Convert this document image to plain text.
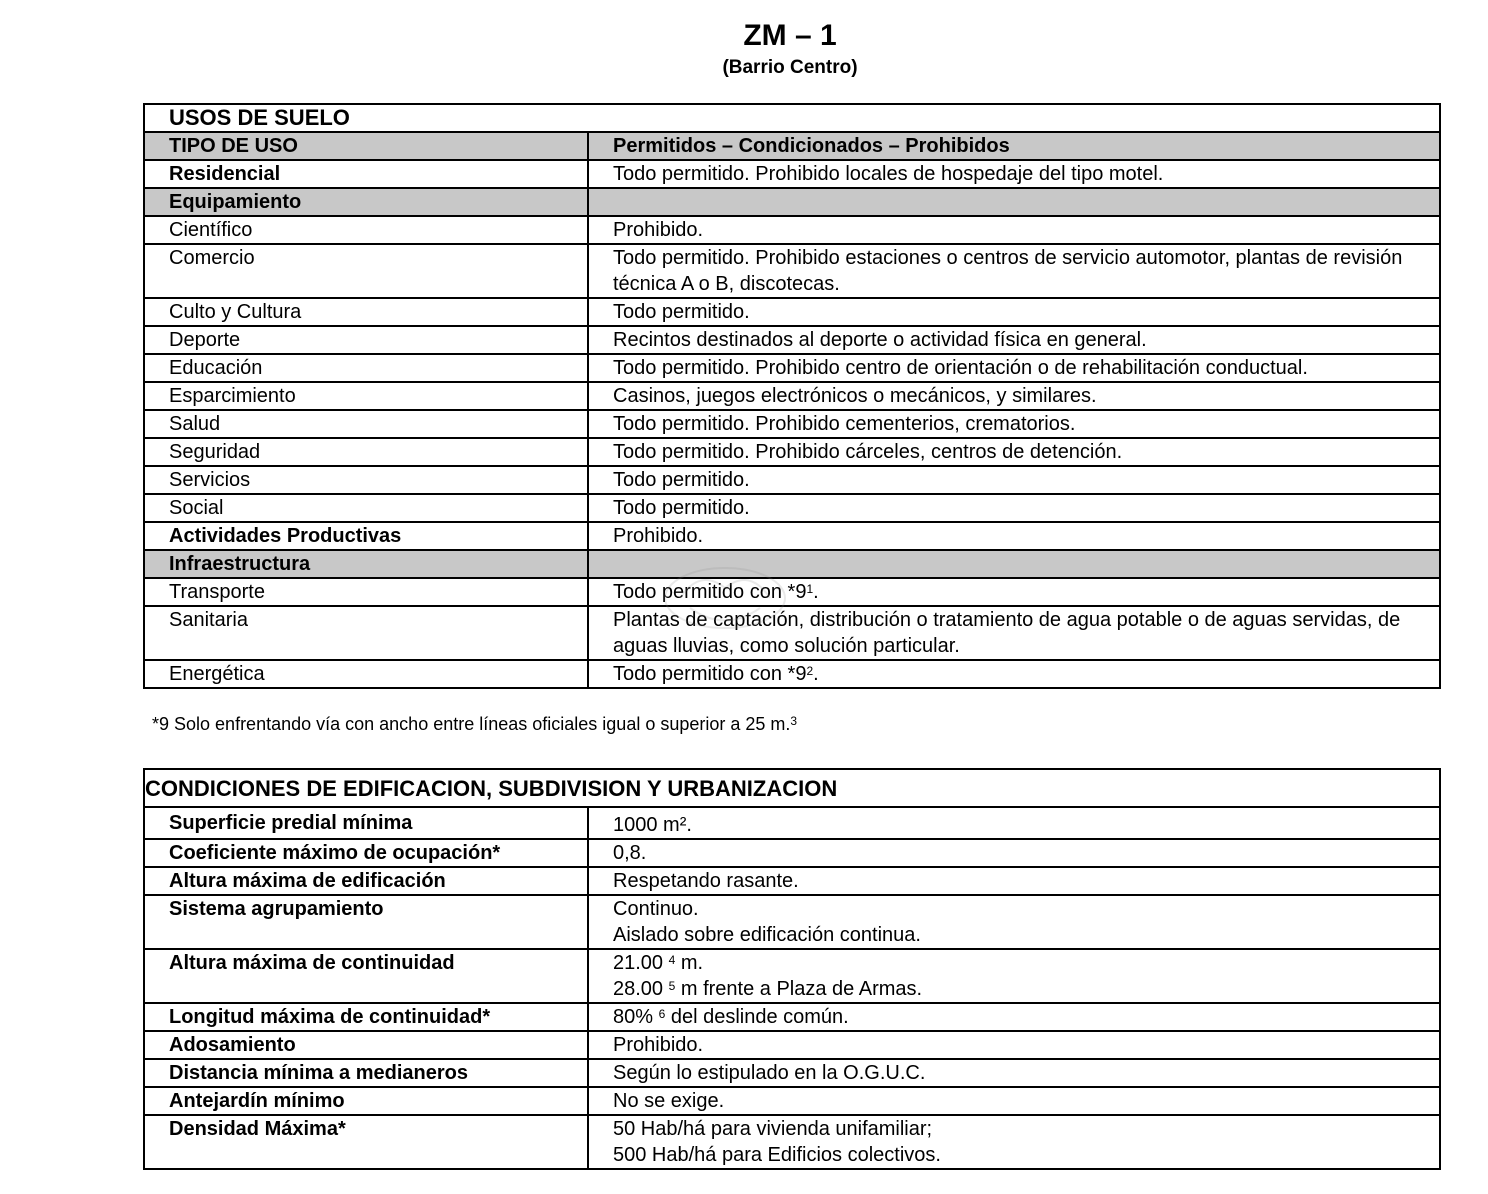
ZM – 1
(Barrio Centro)
USOS DE SUELO	
TIPO DE USO	Permitidos – Condicionados – Prohibidos
Residencial	Todo permitido. Prohibido locales de hospedaje del tipo motel.
Equipamiento	
Científico	Prohibido.
Comercio	Todo permitido. Prohibido estaciones o centros de servicio automotor, plantas de revisión técnica A o B, discotecas.
Culto y Cultura	Todo permitido.
Deporte	Recintos destinados al deporte o actividad física en general.
Educación	Todo permitido. Prohibido centro de orientación o de rehabilitación conductual.
Esparcimiento	Casinos, juegos electrónicos o mecánicos, y similares.
Salud	Todo permitido. Prohibido cementerios, crematorios.
Seguridad	Todo permitido. Prohibido cárceles, centros de detención.
Servicios	Todo permitido.
Social	Todo permitido.
Actividades Productivas	Prohibido.
Infraestructura	
Transporte	Todo permitido con $*9^1$.
Sanitaria	Plantas de captación, distribución o tratamiento de agua potable o de aguas servidas, de aguas lluvias, como solución particular.
Energética	Todo permitido con $*9^2$.
*9 Solo enfrentando vía con ancho entre líneas oficiales igual o superior a 25 m.$^3$
CONDICIONES DE EDIFICACION, SUBDIVISION Y URBANIZACION	
Superficie predial mínima	1000 m².
Coeficiente máximo de ocupación*	0,8.
Altura máxima de edificación	Respetando rasante.
Sistema agrupamiento	Continuo.
Aislado sobre edificación continua.

Altura máxima de continuidad	21.00 $^4$ m.
28.00 $^5$ m frente a Plaza de Armas.

Longitud máxima de continuidad*	80% $^6$ del deslinde común.
Adosamiento	Prohibido.
Distancia mínima a medianeros	Según lo estipulado en la O.G.U.C.
Antejardín mínimo	No se exige.
Densidad Máxima*	50 Hab/há para vivienda unifamiliar;
500 Hab/há para Edificios colectivos.
